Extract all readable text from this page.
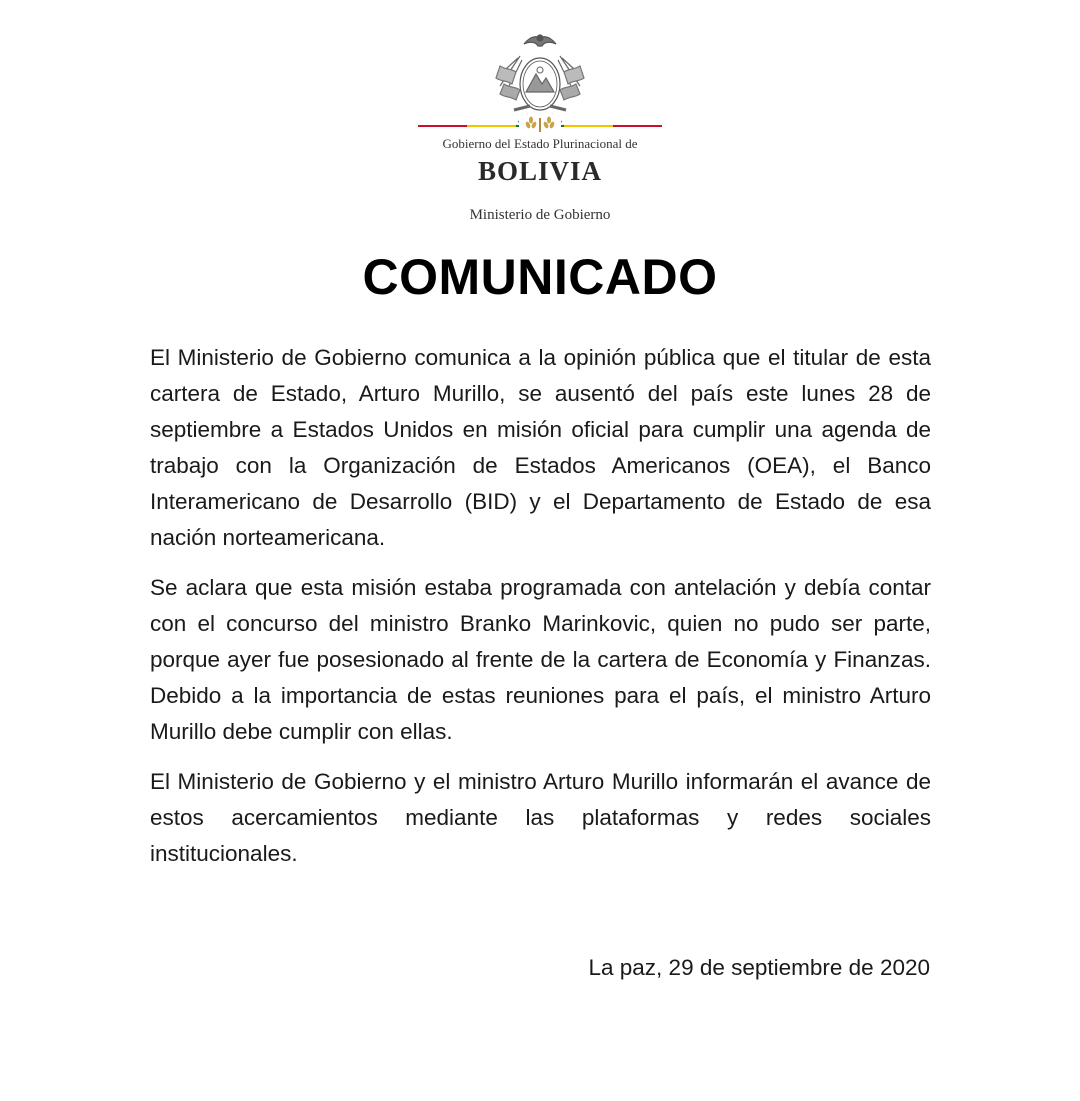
Gobierno del Estado Plurinacional de
BOLIVIA
Ministerio de Gobierno
COMUNICADO

El Ministerio de Gobierno comunica a la opinión pública que el titular de esta cartera de Estado, Arturo Murillo, se ausentó del país este lunes 28 de septiembre a Estados Unidos en misión oficial para cumplir una agenda de trabajo con la Organización de Estados Americanos (OEA), el Banco Interamericano de Desarrollo (BID) y el Departamento de Estado de esa nación norteamericana.

Se aclara que esta misión estaba programada con antelación y debía contar con el concurso del ministro Branko Marinkovic, quien no pudo ser parte, porque ayer fue posesionado al frente de la cartera de Economía y Finanzas. Debido a la importancia de estas reuniones para el país, el ministro Arturo Murillo debe cumplir con ellas.

El Ministerio de Gobierno y el ministro Arturo Murillo informarán el avance de estos acercamientos mediante las plataformas y redes sociales institucionales.

La paz, 29 de septiembre de 2020
